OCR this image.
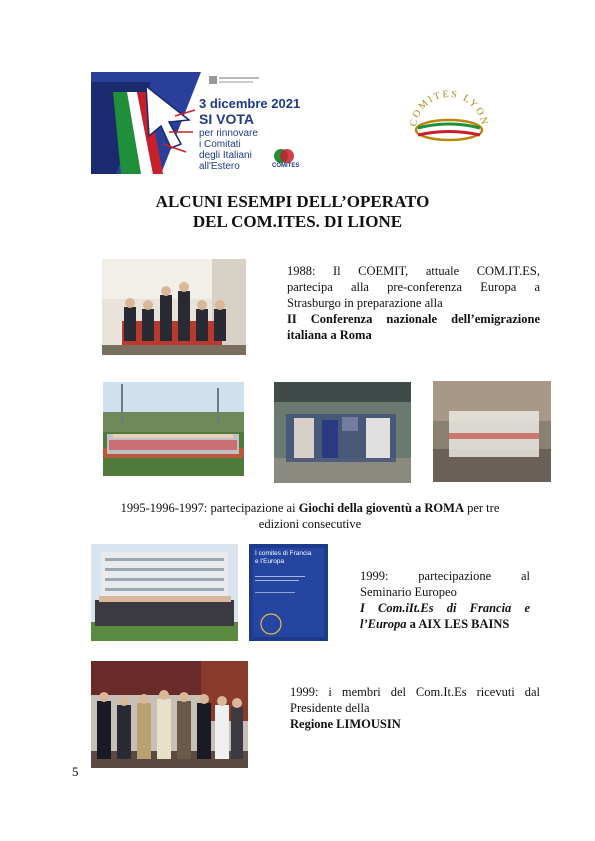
3 dicembre 2021
SI VOTA
per rinnovare
i Comitati
degli Italiani
all'Estero	COMITES
COMITES LYON
ALCUNI ESEMPI DELL’OPERATO
DEL COM.ITES. DI LIONE
1988: Il COEMIT, attuale COM.IT.ES,
partecipa alla pre-conferenza Europa a
Strasburgo in preparazione alla
II Conferenza nazionale dell’emigrazione
italiana a Roma
1995-1996-1997: partecipazione ai Giochi della gioventù a ROMA per tre
edizioni consecutive
I comites di Francia
e l'Europa
1999: partecipazione al
Seminario Europeo
I Com.iIt.Es di Francia e
l’Europa a AIX LES BAINS
1999: i membri del Com.It.Es ricevuti dal
Presidente della
Regione LIMOUSIN
5
